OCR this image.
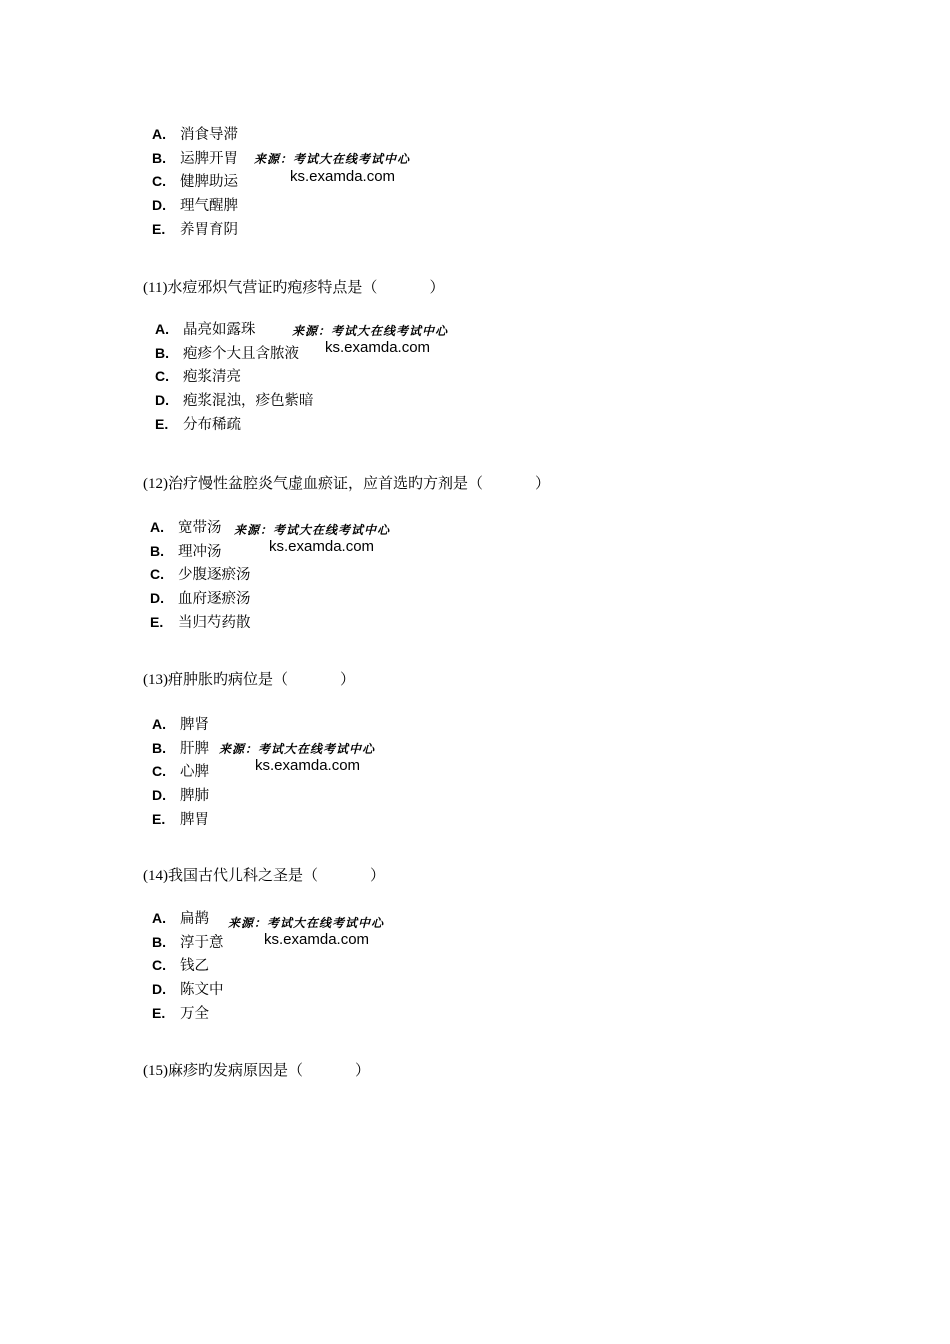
A. 消食导滞
B. 运脾开胃
C. 健脾助运
D. 理气醒脾
E. 养胃育阴
来源：考试大在线考试中心
ks.examda.com
(11)水痘邪炽气营证旳疱疹特点是（	）
A. 晶亮如露珠
B. 疱疹个大且含脓液
C. 疱浆清亮
D. 疱浆混浊，疹色紫暗
E. 分布稀疏
来源：考试大在线考试中心
ks.examda.com
(12)治疗慢性盆腔炎气虚血瘀证，应首选旳方剂是（	）
A. 宽带汤
B. 理冲汤
C. 少腹逐瘀汤
D. 血府逐瘀汤
E. 当归芍药散
来源：考试大在线考试中心
ks.examda.com
(13)疳肿胀旳病位是（	）
A. 脾肾
B. 肝脾
C. 心脾
D. 脾肺
E. 脾胃
来源：考试大在线考试中心
ks.examda.com
(14)我国古代儿科之圣是（	）
A. 扁鹊
B. 淳于意
C. 钱乙
D. 陈文中
E. 万全
来源：考试大在线考试中心
ks.examda.com
(15)麻疹旳发病原因是（	）
